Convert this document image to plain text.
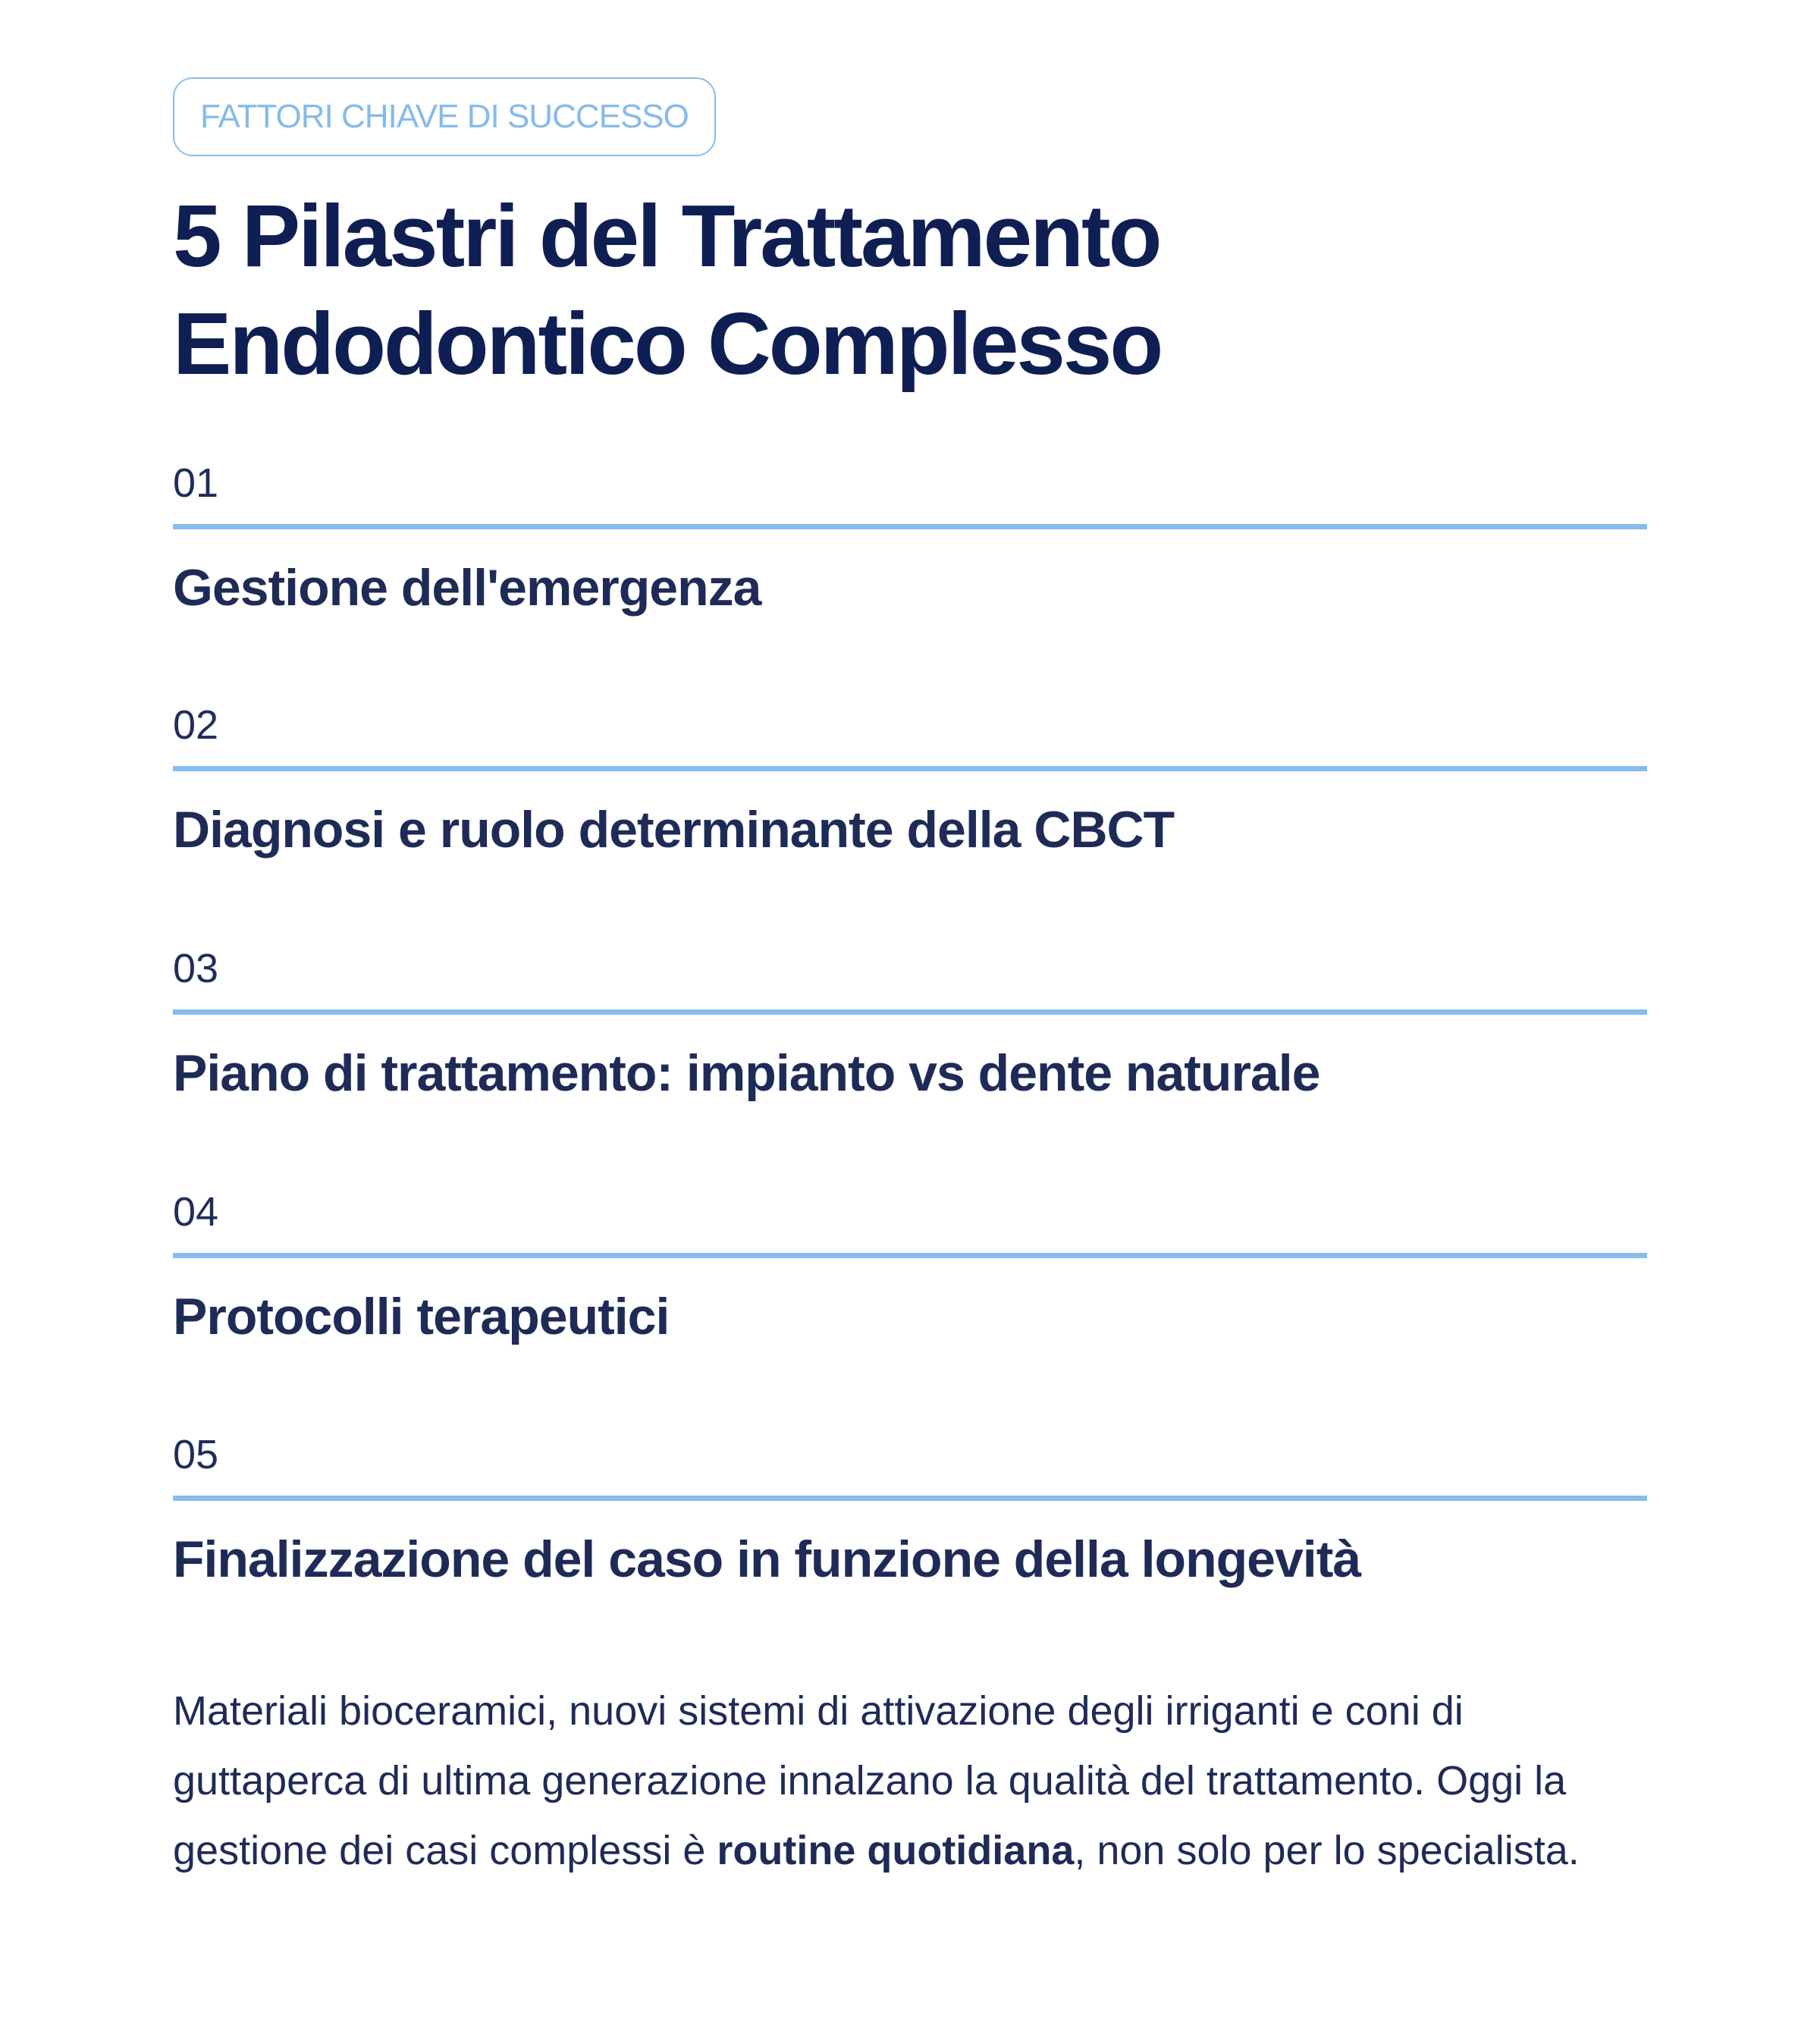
FATTORI CHIAVE DI SUCCESSO
5 Pilastri del Trattamento Endodontico Complesso
01
Gestione dell'emergenza
02
Diagnosi e ruolo determinante della CBCT
03
Piano di trattamento: impianto vs dente naturale
04
Protocolli terapeutici
05
Finalizzazione del caso in funzione della longevità

Materiali bioceramici, nuovi sistemi di attivazione degli irriganti e coni di guttaperca di ultima generazione innalzano la qualità del trattamento. Oggi la gestione dei casi complessi è routine quotidiana, non solo per lo specialista.
